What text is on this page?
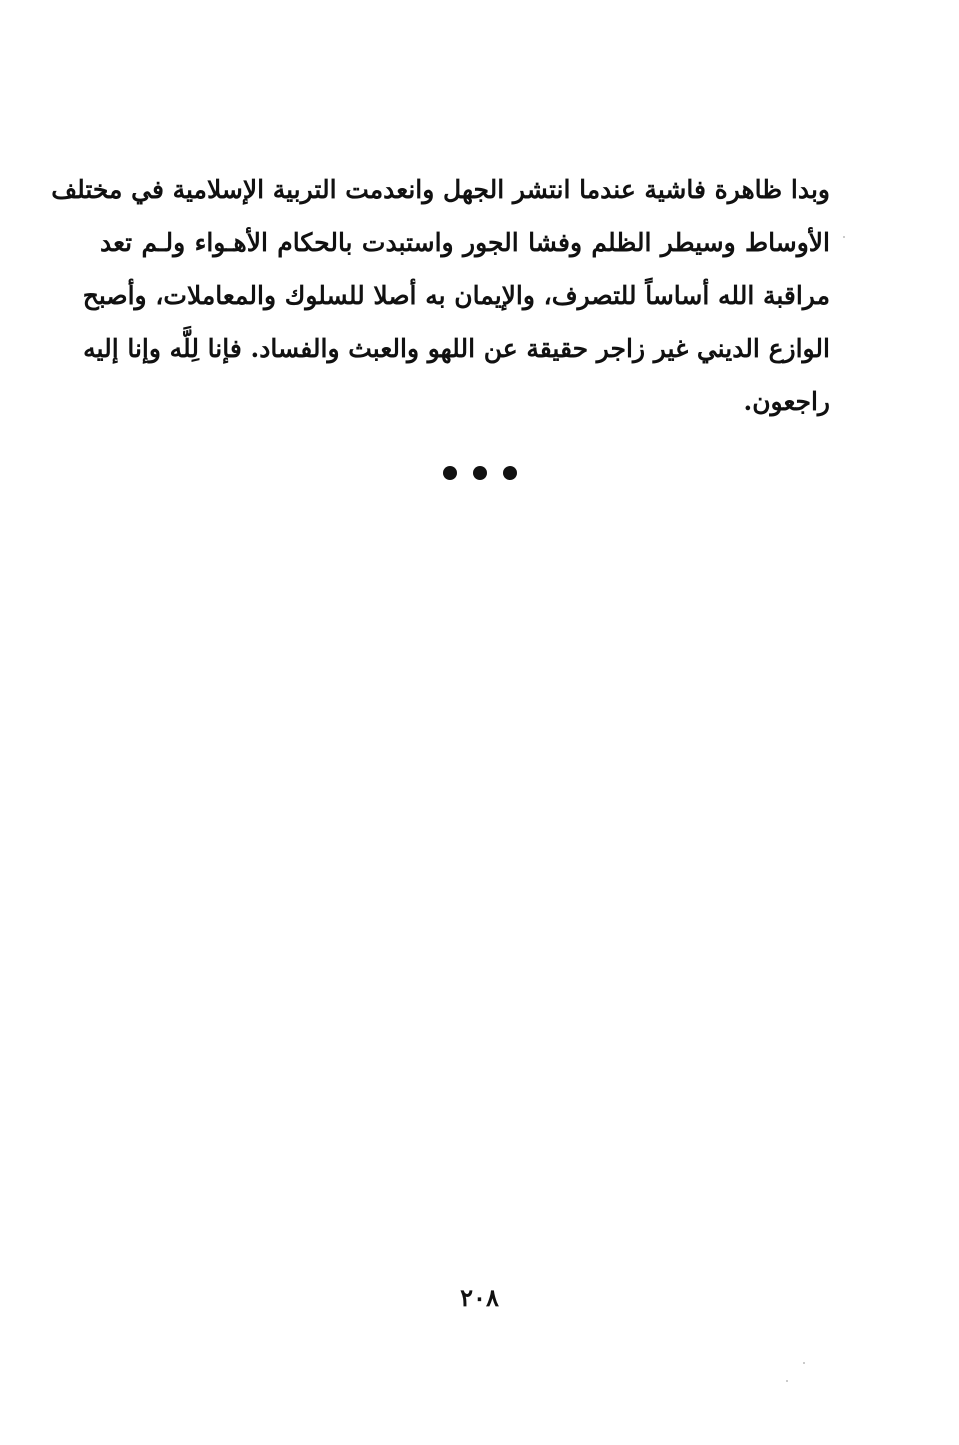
وبدا ظاهرة فاشية عندما انتشر الجهل وانعدمت التربية الإسلامية في مختلف
الأوساط وسيطر الظلم وفشا الجور واستبدت بالحكام الأهـواء ولـم تعد
مراقبة الله أساساً للتصرف، والإيمان به أصلا للسلوك والمعاملات، وأصبح
الوازع الديني غير زاجر حقيقة عن اللهو والعبث والفساد. فإنا لِلَّه وإنا إليه
راجعون.
٢٠٨
